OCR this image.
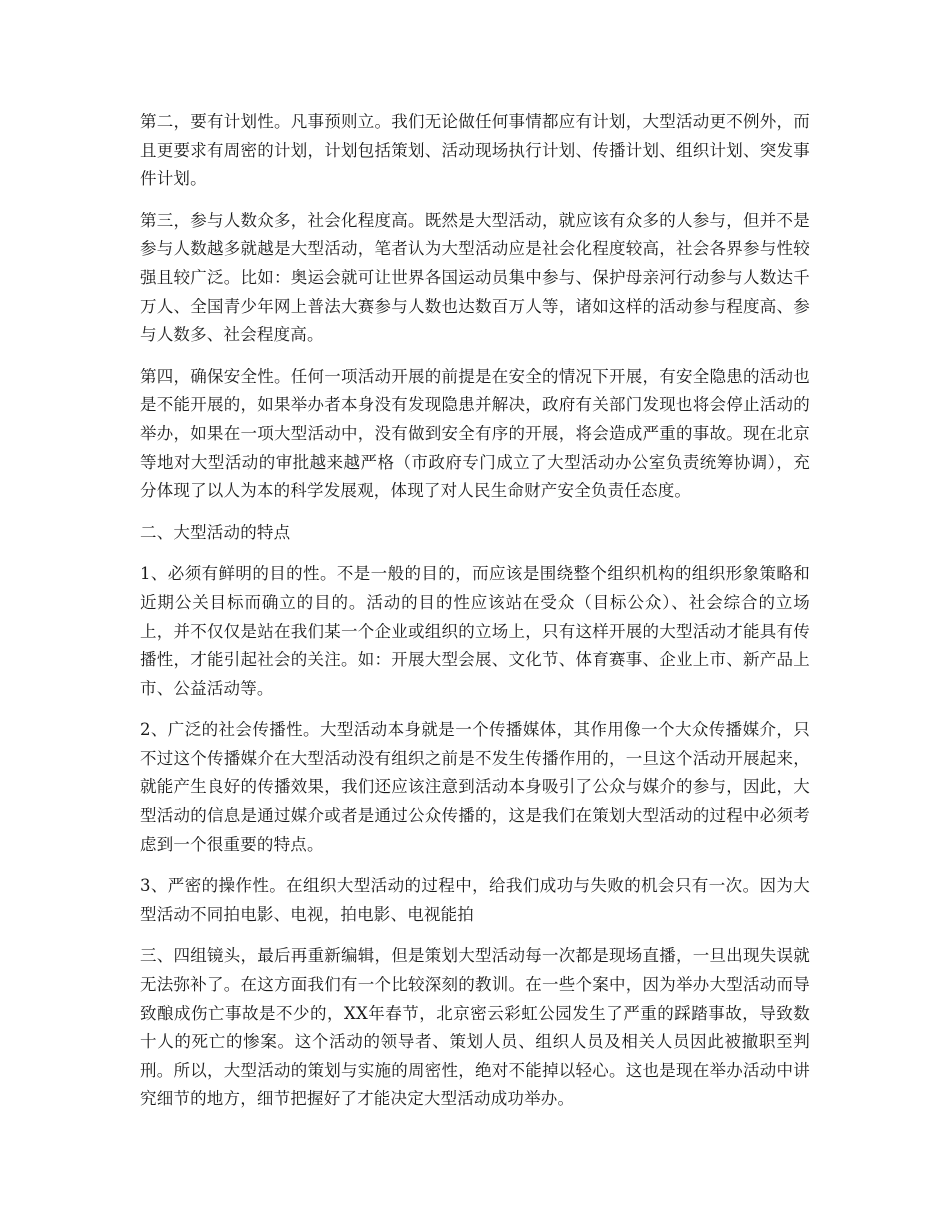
第二，要有计划性。凡事预则立。我们无论做任何事情都应有计划，大型活动更不例外，而且更要求有周密的计划，计划包括策划、活动现场执行计划、传播计划、组织计划、突发事件计划。

第三，参与人数众多，社会化程度高。既然是大型活动，就应该有众多的人参与，但并不是参与人数越多就越是大型活动，笔者认为大型活动应是社会化程度较高，社会各界参与性较强且较广泛。比如：奥运会就可让世界各国运动员集中参与、保护母亲河行动参与人数达千万人、全国青少年网上普法大赛参与人数也达数百万人等，诸如这样的活动参与程度高、参与人数多、社会程度高。

第四，确保安全性。任何一项活动开展的前提是在安全的情况下开展，有安全隐患的活动也是不能开展的，如果举办者本身没有发现隐患并解决，政府有关部门发现也将会停止活动的举办，如果在一项大型活动中，没有做到安全有序的开展，将会造成严重的事故。现在北京等地对大型活动的审批越来越严格（市政府专门成立了大型活动办公室负责统筹协调），充分体现了以人为本的科学发展观，体现了对人民生命财产安全负责任态度。

二、大型活动的特点

1、必须有鲜明的目的性。不是一般的目的，而应该是围绕整个组织机构的组织形象策略和近期公关目标而确立的目的。活动的目的性应该站在受众（目标公众）、社会综合的立场上，并不仅仅是站在我们某一个企业或组织的立场上，只有这样开展的大型活动才能具有传播性，才能引起社会的关注。如：开展大型会展、文化节、体育赛事、企业上市、新产品上市、公益活动等。

2、广泛的社会传播性。大型活动本身就是一个传播媒体，其作用像一个大众传播媒介，只不过这个传播媒介在大型活动没有组织之前是不发生传播作用的，一旦这个活动开展起来，就能产生良好的传播效果，我们还应该注意到活动本身吸引了公众与媒介的参与，因此，大型活动的信息是通过媒介或者是通过公众传播的，这是我们在策划大型活动的过程中必须考虑到一个很重要的特点。

3、严密的操作性。在组织大型活动的过程中，给我们成功与失败的机会只有一次。因为大型活动不同拍电影、电视，拍电影、电视能拍

三、四组镜头，最后再重新编辑，但是策划大型活动每一次都是现场直播，一旦出现失误就无法弥补了。在这方面我们有一个比较深刻的教训。在一些个案中，因为举办大型活动而导致酿成伤亡事故是不少的，XX年春节，北京密云彩虹公园发生了严重的踩踏事故，导致数十人的死亡的惨案。这个活动的领导者、策划人员、组织人员及相关人员因此被撤职至判刑。所以，大型活动的策划与实施的周密性，绝对不能掉以轻心。这也是现在举办活动中讲究细节的地方，细节把握好了才能决定大型活动成功举办。
